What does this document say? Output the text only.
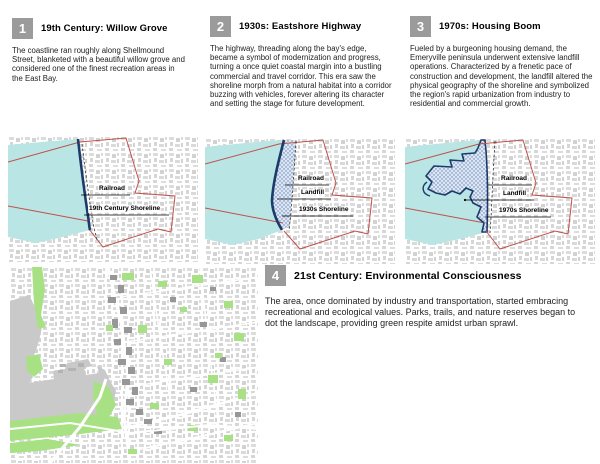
1	19th Century: Willow Grove

The coastline ran roughly along Shellmound Street, blanketed with a beautiful willow grove and considered one of the finest recreation areas in the East Bay.

2	1930s: Eastshore Highway

The highway, threading along the bay's edge, became a symbol of modernization and progress, turning a once quiet coastal margin into a bustling commercial and travel corridor. This era saw the shoreline morph from a natural habitat into a corridor buzzing with vehicles, forever altering its character and setting the stage for future development.

3	1970s: Housing Boom

Fueled by a burgeoning housing demand, the Emeryville peninsula underwent extensive landfill operations. Characterized by a frenetic pace of construction and development, the landfill altered the physical geography of the shoreline and symbolized the region's rapid urbanization from industry to residential and commercial growth.

4	21st Century: Environmental Consciousness

The area, once dominated by industry and transportation, started embracing recreational and ecological values. Parks, trails, and nature reserves began to dot the landscape, providing green respite amidst urban sprawl.

Railroad
19th Century Shoreline
Railroad
Landfill
1930s Shoreline
Railroad
Landfill
1970s Shoreline
